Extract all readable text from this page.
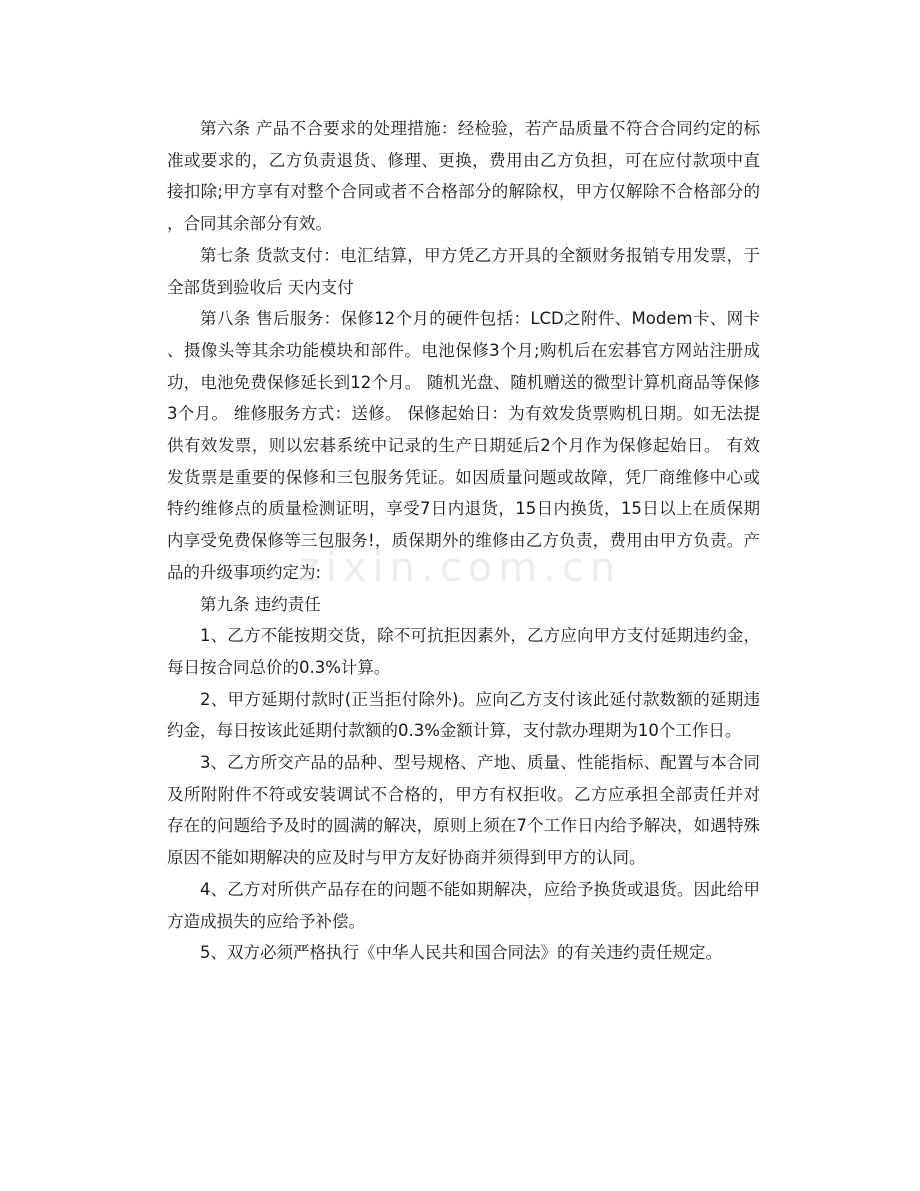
第六条 产品不合要求的处理措施：经检验，若产品质量不符合合同约定的标准或要求的，乙方负责退货、修理、更换，费用由乙方负担，可在应付款项中直接扣除;甲方享有对整个合同或者不合格部分的解除权，甲方仅解除不合格部分的，合同其余部分有效。

第七条 货款支付：电汇结算，甲方凭乙方开具的全额财务报销专用发票，于全部货到验收后 天内支付

第八条 售后服务：保修12个月的硬件包括：LCD之附件、Modem卡、网卡、摄像头等其余功能模块和部件。电池保修3个月;购机后在宏碁官方网站注册成功，电池免费保修延长到12个月。 随机光盘、随机赠送的微型计算机商品等保修3个月。 维修服务方式：送修。 保修起始日：为有效发货票购机日期。如无法提供有效发票，则以宏碁系统中记录的生产日期延后2个月作为保修起始日。 有效发货票是重要的保修和三包服务凭证。如因质量问题或故障，凭厂商维修中心或特约维修点的质量检测证明，享受7日内退货，15日内换货，15日以上在质保期内享受免费保修等三包服务!，质保期外的维修由乙方负责，费用由甲方负责。产品的升级事项约定为:

第九条 违约责任

1、乙方不能按期交货，除不可抗拒因素外，乙方应向甲方支付延期违约金，每日按合同总价的0.3%计算。

2、甲方延期付款时(正当拒付除外)。应向乙方支付该此延付款数额的延期违约金，每日按该此延期付款额的0.3%金额计算，支付款办理期为10个工作日。

3、乙方所交产品的品种、型号规格、产地、质量、性能指标、配置与本合同及所附附件不符或安装调试不合格的，甲方有权拒收。乙方应承担全部责任并对存在的问题给予及时的圆满的解决，原则上须在7个工作日内给予解决，如遇特殊原因不能如期解决的应及时与甲方友好协商并须得到甲方的认同。

4、乙方对所供产品存在的问题不能如期解决，应给予换货或退货。因此给甲方造成损失的应给予补偿。

5、双方必须严格执行《中华人民共和国合同法》的有关违约责任规定。

zixin.com.cn
